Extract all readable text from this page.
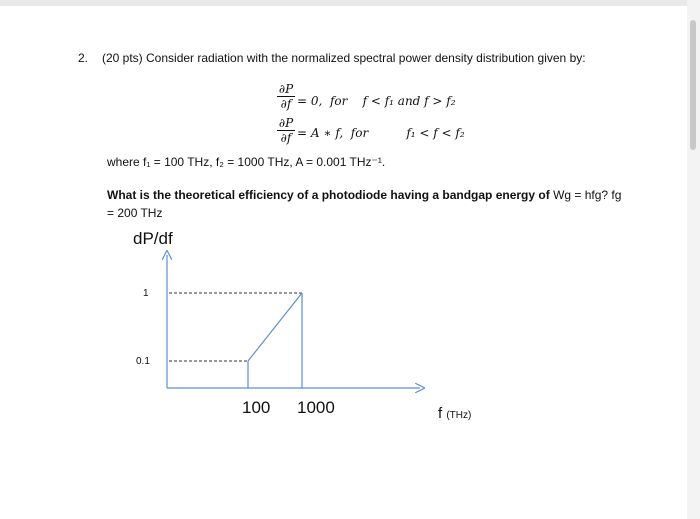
2. (20 pts) Consider radiation with the normalized spectral power density distribution given by:
∂P
∂f = 0,  for    f < f₁ and f > f₂
∂P
∂f = A ∗ f,  for          f₁ < f < f₂
where f₁ = 100 THz, f₂ = 1000 THz, A = 0.001 THz⁻¹.
What is the theoretical efficiency of a photodiode having a bandgap energy of Wɡ = hfɡ? fɡ = 200 THz
dP/df
1
0.1
100 1000	f (THz)
